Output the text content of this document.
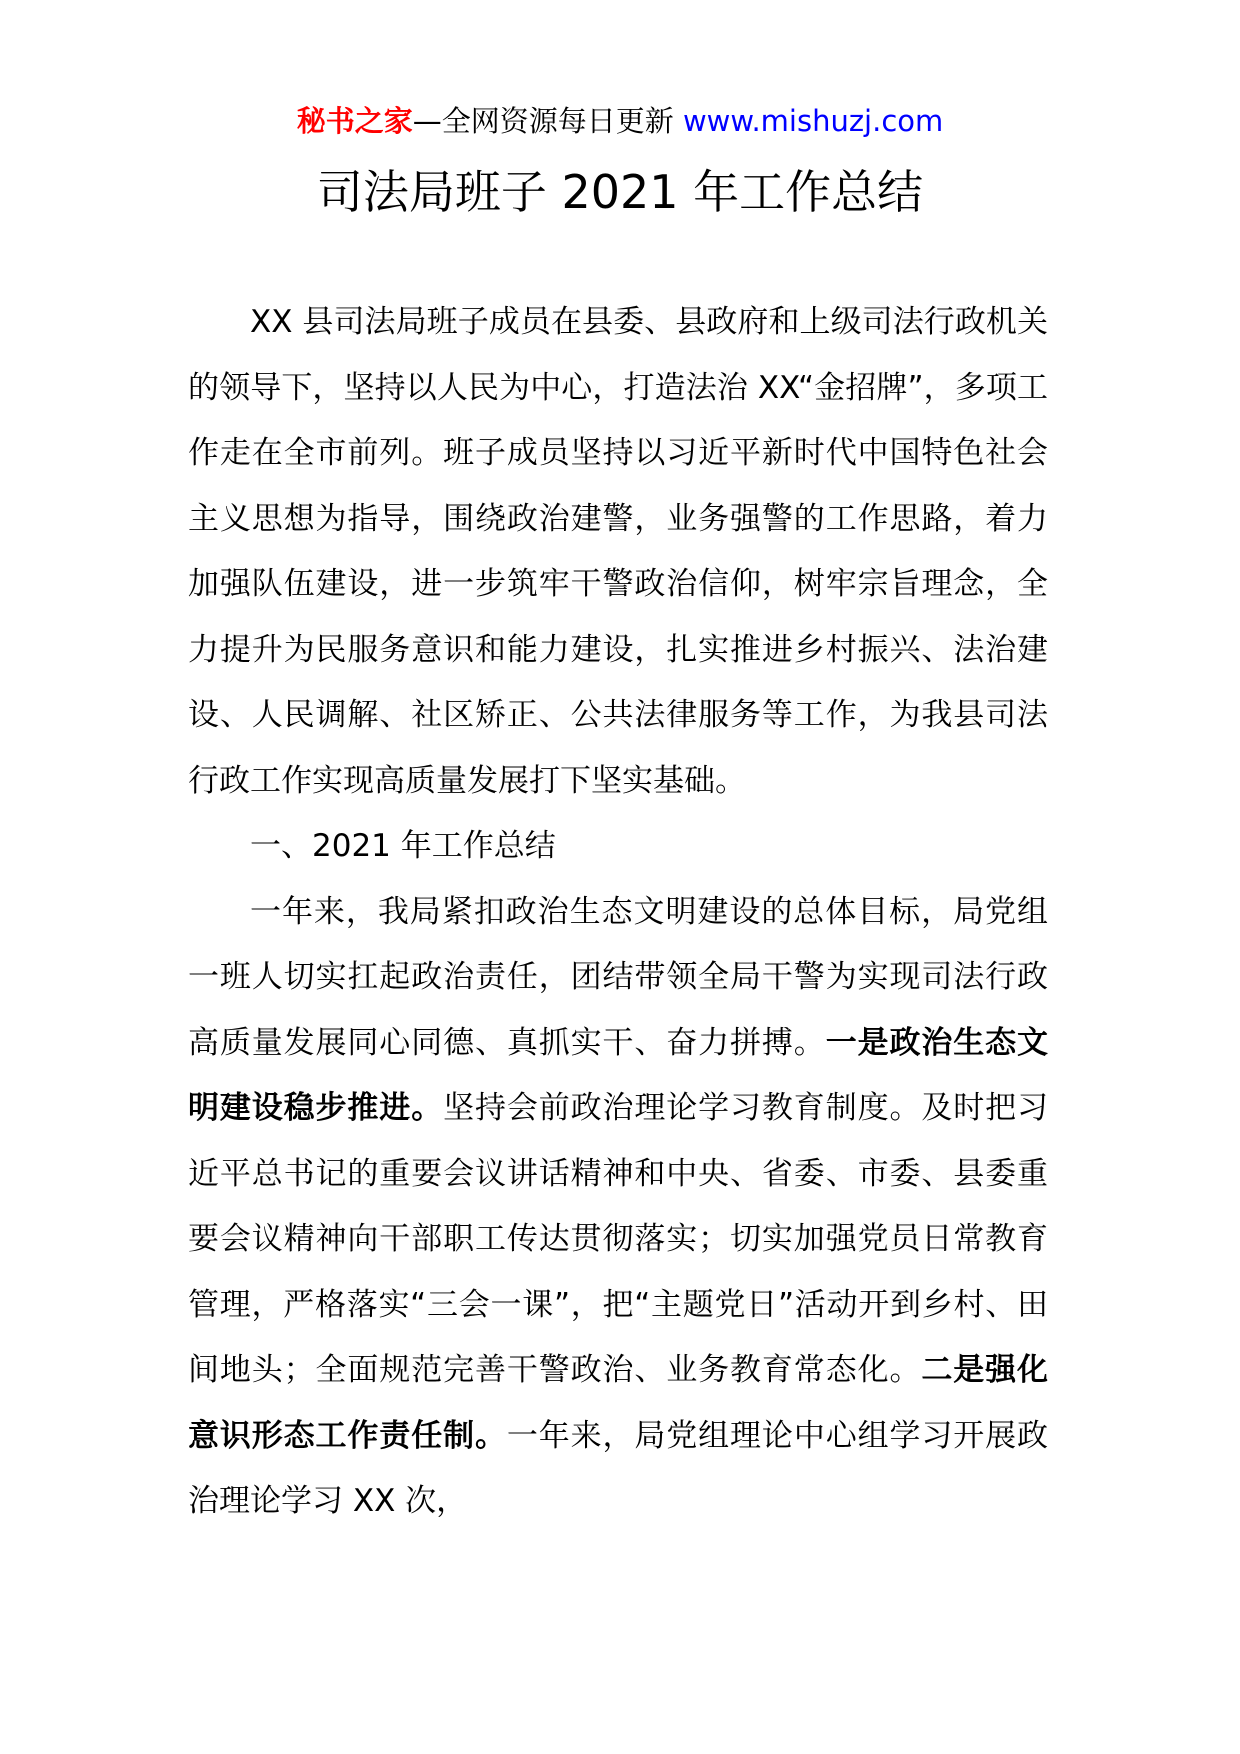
秘书之家—全网资源每日更新 www.mishuzj.com
司法局班子 2021 年工作总结

XX 县司法局班子成员在县委、县政府和上级司法行政机关的领导下，坚持以人民为中心，打造法治 XX“金招牌”，多项工作走在全市前列。班子成员坚持以习近平新时代中国特色社会主义思想为指导，围绕政治建警，业务强警的工作思路，着力加强队伍建设，进一步筑牢干警政治信仰，树牢宗旨理念，全力提升为民服务意识和能力建设，扎实推进乡村振兴、法治建设、人民调解、社区矫正、公共法律服务等工作，为我县司法行政工作实现高质量发展打下坚实基础。

一、2021 年工作总结

一年来，我局紧扣政治生态文明建设的总体目标，局党组一班人切实扛起政治责任，团结带领全局干警为实现司法行政高质量发展同心同德、真抓实干、奋力拼搏。一是政治生态文明建设稳步推进。坚持会前政治理论学习教育制度。及时把习近平总书记的重要会议讲话精神和中央、省委、市委、县委重要会议精神向干部职工传达贯彻落实；切实加强党员日常教育管理，严格落实“三会一课”，把“主题党日”活动开到乡村、田间地头；全面规范完善干警政治、业务教育常态化。二是强化意识形态工作责任制。一年来，局党组理论中心组学习开展政治理论学习 XX 次，
